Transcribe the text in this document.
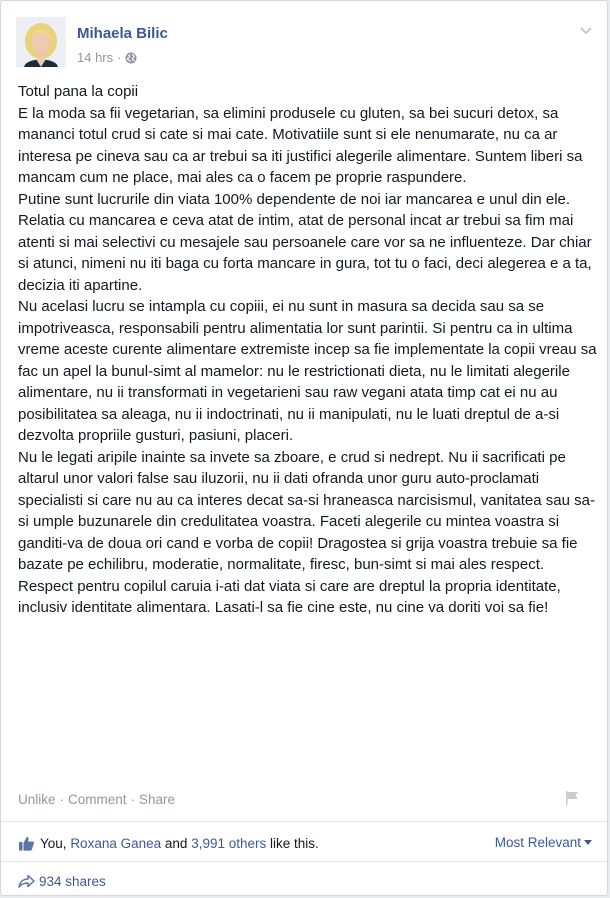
Mihaela Bilic
14 hrs ·

Totul pana la copii

E la moda sa fii vegetarian, sa elimini produsele cu gluten, sa bei sucuri detox, sa mananci totul crud si cate si mai cate. Motivatiile sunt si ele nenumarate, nu ca ar interesa pe cineva sau ca ar trebui sa iti justifici alegerile alimentare. Suntem liberi sa mancam cum ne place, mai ales ca o facem pe proprie raspundere.

Putine sunt lucrurile din viata 100% dependente de noi iar mancarea e unul din ele. Relatia cu mancarea e ceva atat de intim, atat de personal incat ar trebui sa fim mai atenti si mai selectivi cu mesajele sau persoanele care vor sa ne influenteze. Dar chiar si atunci, nimeni nu iti baga cu forta mancare in gura, tot tu o faci, deci alegerea e a ta, decizia iti apartine.

Nu acelasi lucru se intampla cu copiii, ei nu sunt in masura sa decida sau sa se impotriveasca, responsabili pentru alimentatia lor sunt parintii. Si pentru ca in ultima vreme aceste curente alimentare extremiste incep sa fie implementate la copii vreau sa fac un apel la bunul-simt al mamelor: nu le restrictionati dieta, nu le limitati alegerile alimentare, nu ii transformati in vegetarieni sau raw vegani atata timp cat ei nu au posibilitatea sa aleaga, nu ii indoctrinati, nu ii manipulati, nu le luati dreptul de a-si dezvolta propriile gusturi, pasiuni, placeri.

Nu le legati aripile inainte sa invete sa zboare, e crud si nedrept. Nu ii sacrificati pe altarul unor valori false sau iluzorii, nu ii dati ofranda unor guru auto-proclamati specialisti si care nu au ca interes decat sa-si hraneasca narcisismul, vanitatea sau sa-si umple buzunarele din credulitatea voastra. Faceti alegerile cu mintea voastra si ganditi-va de doua ori cand e vorba de copii! Dragostea si grija voastra trebuie sa fie bazate pe echilibru, moderatie, normalitate, firesc, bun-simt si mai ales respect. Respect pentru copilul caruia i-ati dat viata si care are dreptul la propria identitate, inclusiv identitate alimentara. Lasati-l sa fie cine este, nu cine va doriti voi sa fie!

Unlike · Comment · Share
You,
Roxana Ganea
and
3,991 others
like this.	Most Relevant
934 shares
